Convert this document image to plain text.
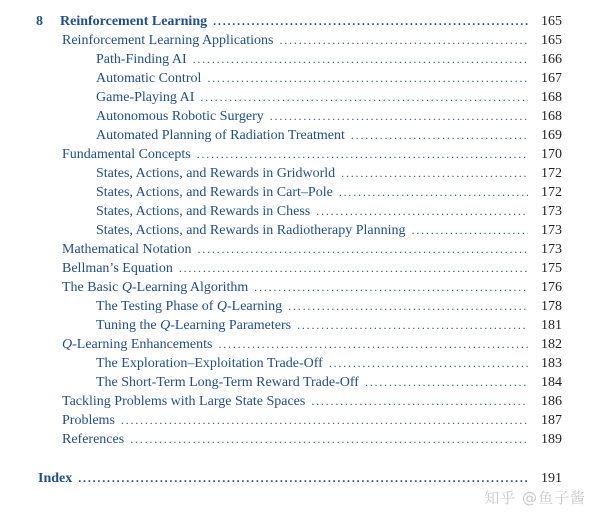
8	Reinforcement Learning . . .	165
Reinforcement Learning Applications . . .	165
Path-Finding AI . . .	166
Automatic Control . . .	167
Game-Playing AI . . .	168
Autonomous Robotic Surgery . . .	168
Automated Planning of Radiation Treatment . . .	169
Fundamental Concepts . . .	170
States, Actions, and Rewards in Gridworld . . .	172
States, Actions, and Rewards in Cart–Pole . . .	172
States, Actions, and Rewards in Chess . . .	173
States, Actions, and Rewards in Radiotherapy Planning . . .	173
Mathematical Notation . . .	173
Bellman’s Equation . . .	175
The Basic Q-Learning Algorithm . . .	176
The Testing Phase of Q-Learning . . .	178
Tuning the Q-Learning Parameters . . .	181
Q-Learning Enhancements . . .	182
The Exploration–Exploitation Trade-Off . . .	183
The Short-Term Long-Term Reward Trade-Off . . .	184
Tackling Problems with Large State Spaces . . .	186
Problems . . .	187
References . . .	189
Index . . .	191
知乎 @鱼子酱
